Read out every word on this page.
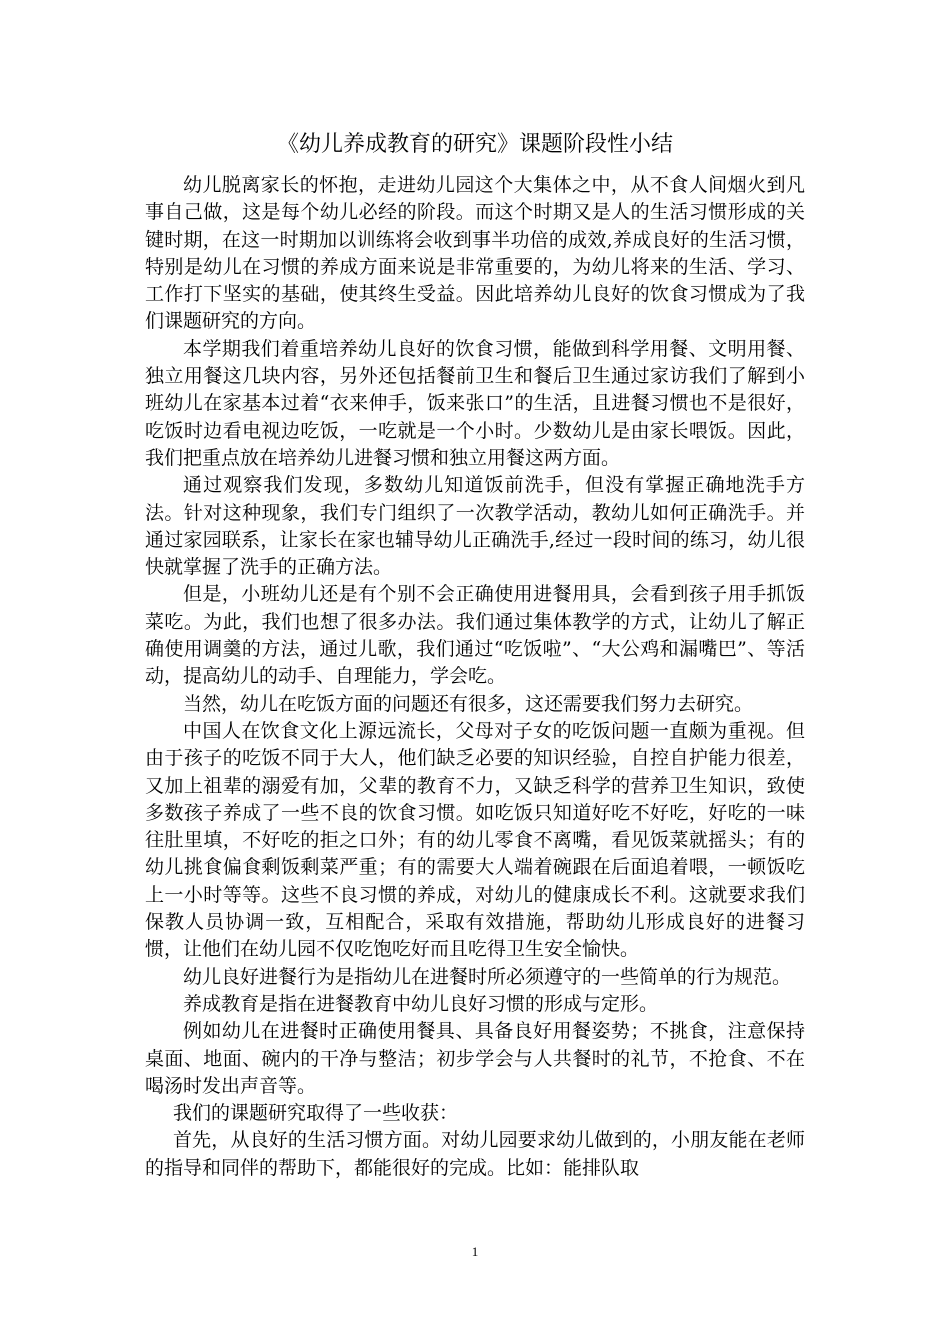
《幼儿养成教育的研究》课题阶段性小结

幼儿脱离家长的怀抱，走进幼儿园这个大集体之中，从不食人间烟火到凡事自己做，这是每个幼儿必经的阶段。而这个时期又是人的生活习惯形成的关键时期，在这一时期加以训练将会收到事半功倍的成效,养成良好的生活习惯，特别是幼儿在习惯的养成方面来说是非常重要的，为幼儿将来的生活、学习、工作打下坚实的基础，使其终生受益。因此培养幼儿良好的饮食习惯成为了我们课题研究的方向。

本学期我们着重培养幼儿良好的饮食习惯，能做到科学用餐、文明用餐、独立用餐这几块内容，另外还包括餐前卫生和餐后卫生通过家访我们了解到小班幼儿在家基本过着“衣来伸手，饭来张口”的生活，且进餐习惯也不是很好，吃饭时边看电视边吃饭，一吃就是一个小时。少数幼儿是由家长喂饭。因此，我们把重点放在培养幼儿进餐习惯和独立用餐这两方面。

通过观察我们发现，多数幼儿知道饭前洗手，但没有掌握正确地洗手方法。针对这种现象，我们专门组织了一次教学活动，教幼儿如何正确洗手。并通过家园联系，让家长在家也辅导幼儿正确洗手,经过一段时间的练习，幼儿很快就掌握了洗手的正确方法。

但是，小班幼儿还是有个别不会正确使用进餐用具，会看到孩子用手抓饭菜吃。为此，我们也想了很多办法。我们通过集体教学的方式，让幼儿了解正确使用调羹的方法，通过儿歌，我们通过“吃饭啦”、“大公鸡和漏嘴巴”、等活动，提高幼儿的动手、自理能力，学会吃。

当然，幼儿在吃饭方面的问题还有很多，这还需要我们努力去研究。

中国人在饮食文化上源远流长，父母对子女的吃饭问题一直颇为重视。但由于孩子的吃饭不同于大人，他们缺乏必要的知识经验，自控自护能力很差，又加上祖辈的溺爱有加，父辈的教育不力，又缺乏科学的营养卫生知识，致使多数孩子养成了一些不良的饮食习惯。如吃饭只知道好吃不好吃，好吃的一味往肚里填，不好吃的拒之口外；有的幼儿零食不离嘴，看见饭菜就摇头；有的幼儿挑食偏食剩饭剩菜严重；有的需要大人端着碗跟在后面追着喂，一顿饭吃上一小时等等。这些不良习惯的养成，对幼儿的健康成长不利。这就要求我们保教人员协调一致，互相配合，采取有效措施，帮助幼儿形成良好的进餐习惯，让他们在幼儿园不仅吃饱吃好而且吃得卫生安全愉快。

幼儿良好进餐行为是指幼儿在进餐时所必须遵守的一些简单的行为规范。

养成教育是指在进餐教育中幼儿良好习惯的形成与定形。

例如幼儿在进餐时正确使用餐具、具备良好用餐姿势；不挑食，注意保持桌面、地面、碗内的干净与整洁；初步学会与人共餐时的礼节，不抢食、不在喝汤时发出声音等。

我们的课题研究取得了一些收获：

首先，从良好的生活习惯方面。对幼儿园要求幼儿做到的，小朋友能在老师的指导和同伴的帮助下，都能很好的完成。比如：能排队取

1
